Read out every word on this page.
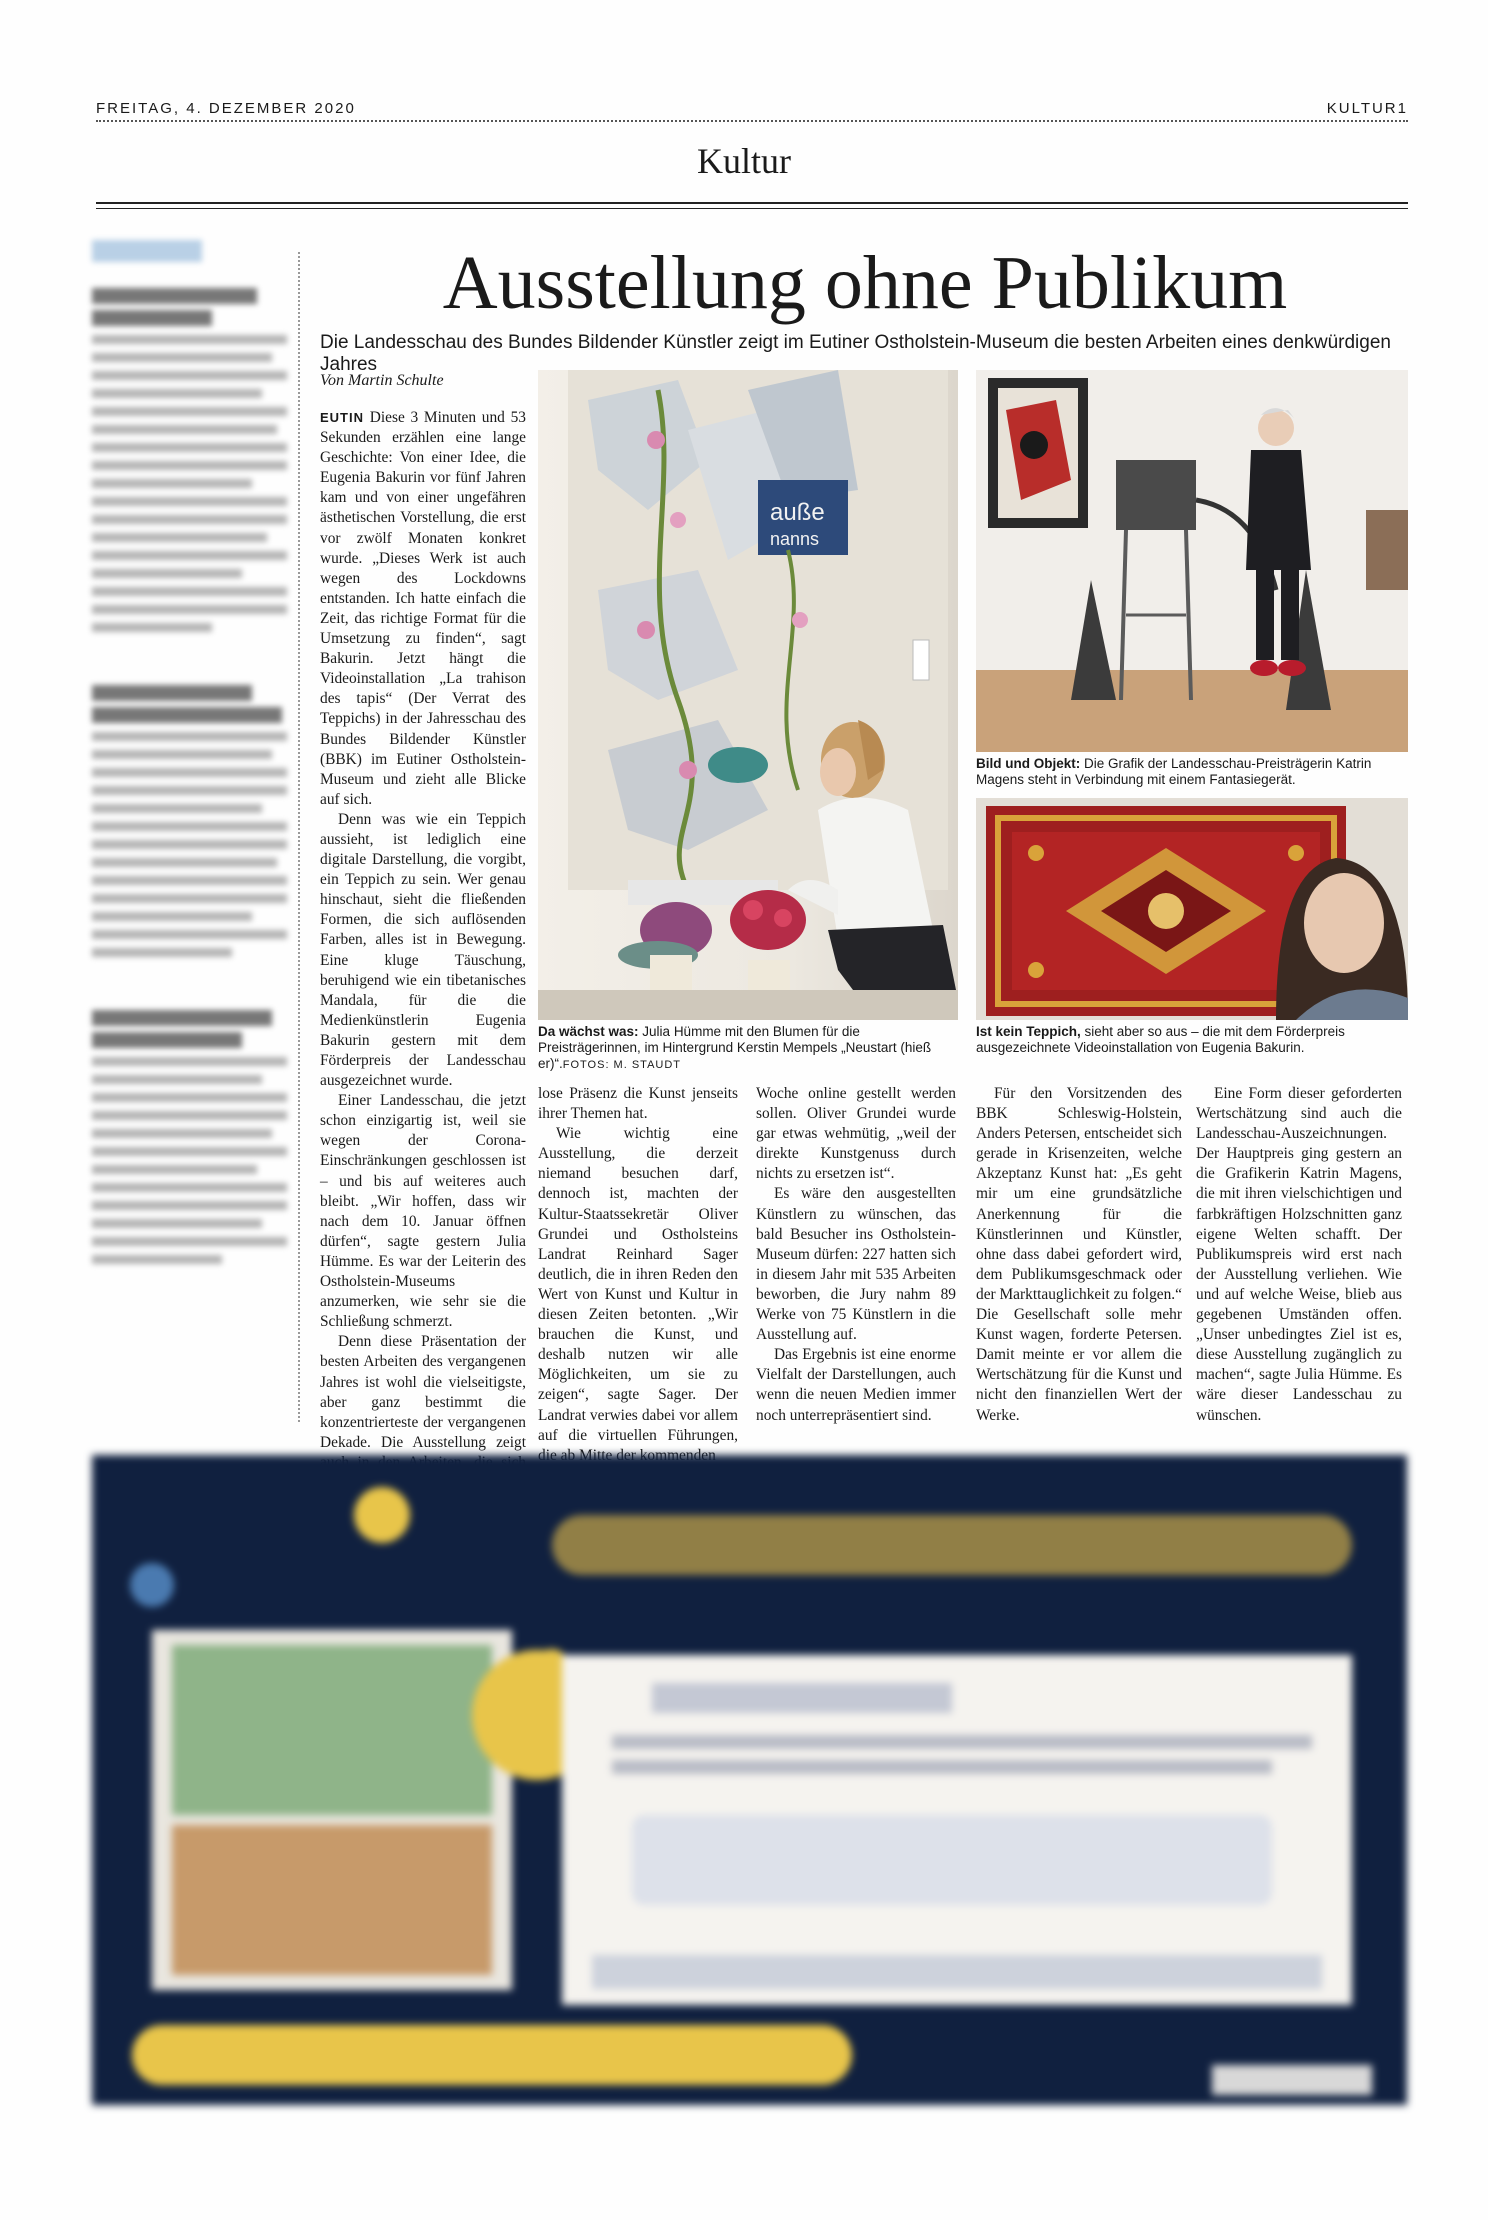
FREITAG, 4. DEZEMBER 2020	KULTUR1
Kultur
Ausstellung ohne Publikum
Die Landesschau des Bundes Bildender Künstler zeigt im Eutiner Ostholstein-Museum die besten Arbeiten eines denkwürdigen Jahres
Von Martin Schulte

EUTIN Diese 3 Minuten und 53 Sekunden erzählen eine lange Geschichte: Von einer Idee, die Eugenia Bakurin vor fünf Jahren kam und von einer ungefähren ästhetischen Vorstellung, die erst vor zwölf Monaten konkret wurde. „Dieses Werk ist auch wegen des Lockdowns entstanden. Ich hatte einfach die Zeit, das richtige Format für die Umsetzung zu finden“, sagt Bakurin. Jetzt hängt die Videoinstallation „La trahison des tapis“ (Der Verrat des Teppichs) in der Jahresschau des Bundes Bildender Künstler (BBK) im Eutiner Ostholstein-Museum und zieht alle Blicke auf sich.

Denn was wie ein Teppich aussieht, ist lediglich eine digitale Darstellung, die vorgibt, ein Teppich zu sein. Wer genau hinschaut, sieht die fließenden Formen, die sich auflösenden Farben, alles ist in Bewegung. Eine kluge Täuschung, beruhigend wie ein tibetanisches Mandala, für die die Medienkünstlerin Eugenia Bakurin gestern mit dem Förderpreis der Landesschau ausgezeichnet wurde.

Einer Landesschau, die jetzt schon einzigartig ist, weil sie wegen der Corona-Einschränkungen geschlossen ist – und bis auf weiteres auch bleibt. „Wir hoffen, dass wir nach dem 10. Januar öffnen dürfen“, sagte gestern Julia Hümme. Es war der Leiterin des Ostholstein-Museums anzumerken, wie sehr sie die Schließung schmerzt.

Denn diese Präsentation der besten Arbeiten des vergangenen Jahres ist wohl die vielseitigste, aber ganz bestimmt die konzentrierteste der vergangenen Dekade. Die Ausstellung zeigt

auße
nanns
Da wächst was: Julia Hümme mit den Blumen für die Preisträgerinnen, im Hintergrund Kerstin Mempels „Neustart (hieß er)“.FOTOS: M. STAUDT
Bild und Objekt: Die Grafik der Landesschau-Preisträgerin Katrin Magens steht in Verbindung mit einem Fantasiegerät.
Ist kein Teppich, sieht aber so aus – die mit dem Förderpreis ausgezeichnete Videoinstallation von Eugenia Bakurin.

lose Präsenz die Kunst jenseits ihrer Themen hat.

Wie wichtig eine Ausstellung, die derzeit niemand besuchen darf, dennoch ist, machten der Kultur-Staatssekretär Oliver Grundei und Ostholsteins Landrat Reinhard Sager deutlich, die in ihren Reden den Wert von Kunst und Kultur in diesen Zeiten betonten. „Wir brauchen die Kunst, und deshalb nutzen wir alle Möglichkeiten, um sie zu zeigen“, sagte Sager. Der Landrat verwies dabei vor allem auf die virtuellen Führungen,

Woche online gestellt werden sollen. Oliver Grundei wurde gar etwas wehmütig, „weil der direkte Kunstgenuss durch nichts zu ersetzen ist“.

Es wäre den ausgestellten Künstlern zu wünschen, das bald Besucher ins Ostholstein-Museum dürfen: 227 hatten sich in diesem Jahr mit 535 Arbeiten beworben, die Jury nahm 89 Werke von 75 Künstlern in die Ausstellung auf.

Das Ergebnis ist eine enorme Vielfalt der Darstellungen, auch wenn die neuen Medien immer noch unterrepräsentiert sind.

Für den Vorsitzenden des BBK Schleswig-Holstein, Anders Petersen, entscheidet sich gerade in Krisenzeiten, welche Akzeptanz Kunst hat: „Es geht mir um eine grundsätzliche Anerkennung für die Künstlerinnen und Künstler, ohne dass dabei gefordert wird, dem Publikumsgeschmack oder der Markttauglichkeit zu folgen.“ Die Gesellschaft solle mehr Kunst wagen, forderte Petersen. Damit meinte er vor allem die Wertschätzung für die Kunst und nicht den finanziellen Wert der Werke.

Eine Form dieser geforderten Wertschätzung sind auch die Landesschau-Auszeichnungen. Der Hauptpreis ging gestern an die Grafikerin Katrin Magens, die mit ihren vielschichtigen und farbkräftigen Holzschnitten ganz eigene Welten schafft. Der Publikumspreis wird erst nach der Ausstellung verliehen. Wie und auf welche Weise, blieb aus gegebenen Umständen offen. „Unser unbedingtes Ziel ist es, diese Ausstellung zugänglich zu machen“, sagte Julia Hümme. Es wäre dieser Landesschau zu wünschen.
